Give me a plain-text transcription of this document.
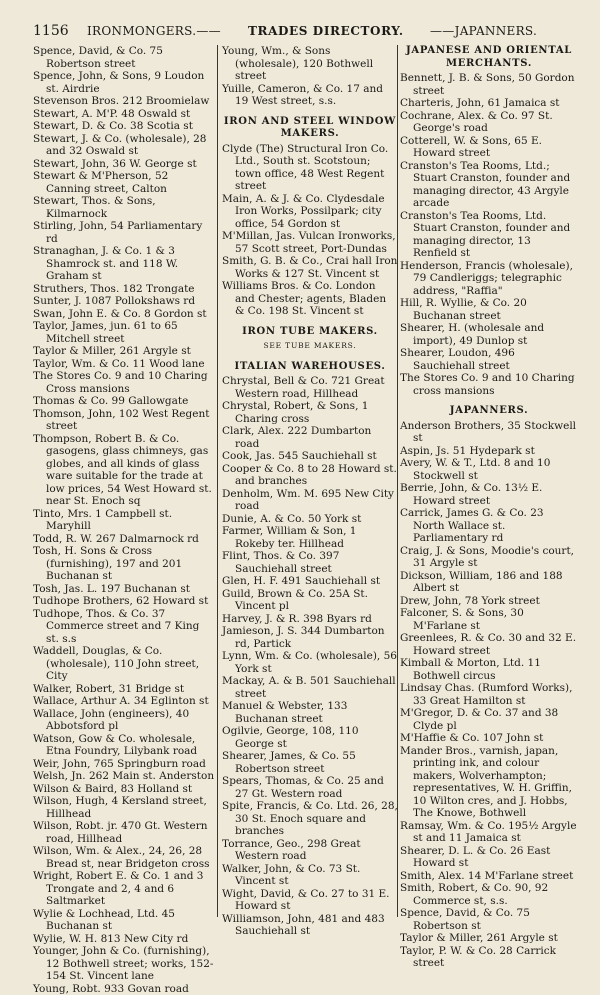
1156 IRONMONGERS.—— TRADES DIRECTORY. ——JAPANNERS.

Spence, David, & Co. 75 Robertson street

Spence, John, & Sons, 9 Loudon st. Airdrie

Stevenson Bros. 212 Broomielaw

Stewart, A. M'P. 48 Oswald st

Stewart, D. & Co. 38 Scotia st

Stewart, J. & Co. (wholesale), 28 and 32 Oswald st

Stewart, John, 36 W. George st

Stewart & M'Pherson, 52 Canning street, Calton

Stewart, Thos. & Sons, Kilmarnock

Stirling, John, 54 Parliamentary rd

Stranaghan, J. & Co. 1 & 3 Shamrock st. and 118 W. Graham st

Struthers, Thos. 182 Trongate

Sunter, J. 1087 Pollokshaws rd

Swan, John E. & Co. 8 Gordon st

Taylor, James, jun. 61 to 65 Mitchell street

Taylor & Miller, 261 Argyle st

Taylor, Wm. & Co. 11 Wood lane

The Stores Co. 9 and 10 Charing Cross mansions

Thomas & Co. 99 Gallowgate

Thomson, John, 102 West Regent street

Thompson, Robert B. & Co. gasogens, glass chimneys, gas globes, and all kinds of glass ware suitable for the trade at low prices, 54 West Howard st. near St. Enoch sq

Tinto, Mrs. 1 Campbell st. Maryhill

Todd, R. W. 267 Dalmarnock rd

Tosh, H. Sons & Cross (furnishing), 197 and 201 Buchanan st

Tosh, Jas. L. 197 Buchanan st

Tudhope Brothers, 62 Howard st

Tudhope, Thos. & Co. 37 Commerce street and 7 King st. s.s

Waddell, Douglas, & Co. (wholesale), 110 John street, City

Walker, Robert, 31 Bridge st

Wallace, Arthur A. 34 Eglinton st

Wallace, John (engineers), 40 Abbotsford pl

Watson, Gow & Co. wholesale, Etna Foundry, Lilybank road

Weir, John, 765 Springburn road

Welsh, Jn. 262 Main st. Anderston

Wilson & Baird, 83 Holland st

Wilson, Hugh, 4 Kersland street, Hillhead

Wilson, Robt. jr. 470 Gt. Western road, Hillhead

Wilson, Wm. & Alex., 24, 26, 28 Bread st, near Bridgeton cross

Wright, Robert E. & Co. 1 and 3 Trongate and 2, 4 and 6 Saltmarket

Wylie & Lochhead, Ltd. 45 Buchanan st

Wylie, W. H. 813 New City rd

Younger, John & Co. (furnishing), 12 Bothwell street; works, 152-154 St. Vincent lane

Young, Robt. 933 Govan road

Young, Wm., & Sons (wholesale), 120 Bothwell street

Yuille, Cameron, & Co. 17 and 19 West street, s.s.

IRON AND STEEL WINDOW
MAKERS.

Clyde (The) Structural Iron Co. Ltd., South st. Scotstoun; town office, 48 West Regent street

Main, A. & J. & Co. Clydesdale Iron Works, Possilpark; city office, 54 Gordon st

M'Millan, Jas. Vulcan Ironworks, 57 Scott street, Port-Dundas

Smith, G. B. & Co., Crai hall Iron Works & 127 St. Vincent st

Williams Bros. & Co. London and Chester; agents, Bladen & Co. 198 St. Vincent st

IRON TUBE MAKERS.
SEE TUBE MAKERS.
ITALIAN WAREHOUSES.

Chrystal, Bell & Co. 721 Great Western road, Hillhead

Chrystal, Robert, & Sons, 1 Charing cross

Clark, Alex. 222 Dumbarton road

Cook, Jas. 545 Sauchiehall st

Cooper & Co. 8 to 28 Howard st. and branches

Denholm, Wm. M. 695 New City road

Dunie, A. & Co. 50 York st

Farmer, William & Son, 1 Rokeby ter. Hillhead

Flint, Thos. & Co. 397 Sauchiehall street

Glen, H. F. 491 Sauchiehall st

Guild, Brown & Co. 25A St. Vincent pl

Harvey, J. & R. 398 Byars rd

Jamieson, J. S. 344 Dumbarton rd, Partick

Lynn, Wm. & Co. (wholesale), 56 York st

Mackay, A. & B. 501 Sauchiehall street

Manuel & Webster, 133 Buchanan street

Ogilvie, George, 108, 110 George st

Shearer, James, & Co. 55 Robertson street

Spears, Thomas, & Co. 25 and 27 Gt. Western road

Spite, Francis, & Co. Ltd. 26, 28, 30 St. Enoch square and branches

Torrance, Geo., 298 Great Western road

Walker, John, & Co. 73 St. Vincent st

Wight, David, & Co. 27 to 31 E. Howard st

Williamson, John, 481 and 483 Sauchiehall st

JAPANESE AND ORIENTAL
MERCHANTS.

Bennett, J. B. & Sons, 50 Gordon street

Charteris, John, 61 Jamaica st

Cochrane, Alex. & Co. 97 St. George's road

Cotterell, W. & Sons, 65 E. Howard street

Cranston's Tea Rooms, Ltd.; Stuart Cranston, founder and managing director, 43 Argyle arcade

Cranston's Tea Rooms, Ltd. Stuart Cranston, founder and managing director, 13 Renfield st

Henderson, Francis (wholesale), 79 Candleriggs; telegraphic address, "Raffia"

Hill, R. Wyllie, & Co. 20 Buchanan street

Shearer, H. (wholesale and import), 49 Dunlop st

Shearer, Loudon, 496 Sauchiehall street

The Stores Co. 9 and 10 Charing cross mansions

JAPANNERS.

Anderson Brothers, 35 Stockwell st

Aspin, Js. 51 Hydepark st

Avery, W. & T., Ltd. 8 and 10 Stockwell st

Berrie, John, & Co. 13½ E. Howard street

Carrick, James G. & Co. 23 North Wallace st. Parliamentary rd

Craig, J. & Sons, Moodie's court, 31 Argyle st

Dickson, William, 186 and 188 Albert st

Drew, John, 78 York street

Falconer, S. & Sons, 30 M'Farlane st

Greenlees, R. & Co. 30 and 32 E. Howard street

Kimball & Morton, Ltd. 11 Bothwell circus

Lindsay Chas. (Rumford Works), 33 Great Hamilton st

M'Gregor, D. & Co. 37 and 38 Clyde pl

M'Haffie & Co. 107 John st

Mander Bros., varnish, japan, printing ink, and colour makers, Wolverhampton; representatives, W. H. Griffin, 10 Wilton cres, and J. Hobbs, The Knowe, Bothwell

Ramsay, Wm. & Co. 195½ Argyle st and 11 Jamaica st

Shearer, D. L. & Co. 26 East Howard st

Smith, Alex. 14 M'Farlane street

Smith, Robert, & Co. 90, 92 Commerce st, s.s.

Spence, David, & Co. 75 Robertson st

Taylor & Miller, 261 Argyle st

Taylor, P. W. & Co. 28 Carrick street
